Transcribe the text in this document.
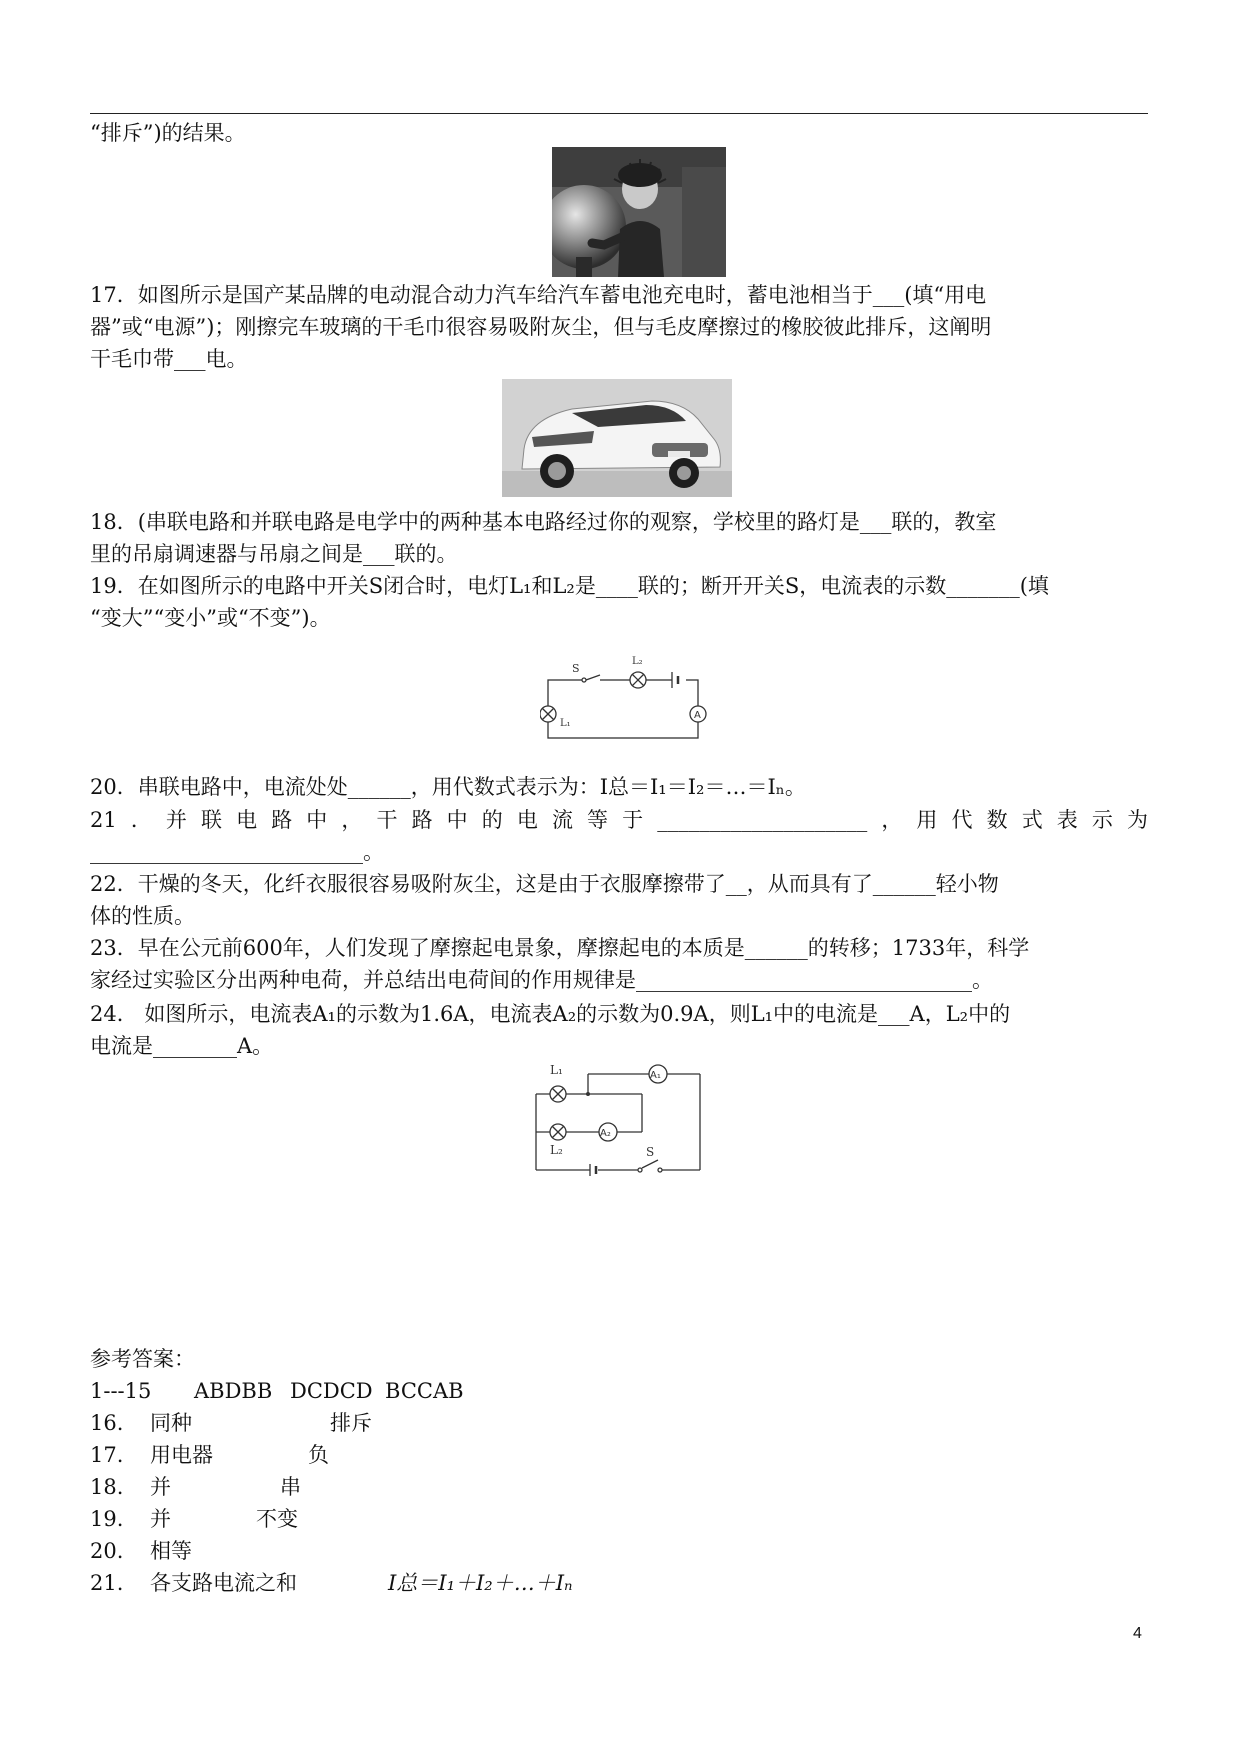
“排斥”)的结果。
17．如图所示是国产某品牌的电动混合动力汽车给汽车蓄电池充电时，蓄电池相当于___(填“用电
器”或“电源”)；刚擦完车玻璃的干毛巾很容易吸附灰尘，但与毛皮摩擦过的橡胶彼此排斥，这阐明
干毛巾带___电。
18．(串联电路和并联电路是电学中的两种基本电路经过你的观察，学校里的路灯是___联的，教室
里的吊扇调速器与吊扇之间是___联的。
19．在如图所示的电路中开关S闭合时，电灯L₁和L₂是____联的；断开开关S，电流表的示数_______(填
“变大”“变小”或“不变”)。
S
L₂
L₁
A
20．串联电路中，电流处处______，用代数式表示为：I总＝I₁＝I₂＝…＝Iₙ。
21．并联电路中，干路中的电流等于____________________，用代数式表示为
__________________________。
22．干燥的冬天，化纤衣服很容易吸附灰尘，这是由于衣服摩擦带了__，从而具有了______轻小物
体的性质。
23．早在公元前600年，人们发现了摩擦起电景象，摩擦起电的本质是______的转移；1733年，科学
家经过实验区分出两种电荷，并总结出电荷间的作用规律是________________________________。
24． 如图所示，电流表A₁的示数为1.6A，电流表A₂的示数为0.9A，则L₁中的电流是___A，L₂中的
电流是________A。
L₁
L₂
A₁
A₂
S
参考答案：
1---15 ABDBB DCDCD BCCAB
16. 同种	排斥
17. 用电器	负
18. 并	串
19. 并	不变
20. 相等
21. 各支路电流之和	I总＝I₁＋I₂＋…＋Iₙ
4
